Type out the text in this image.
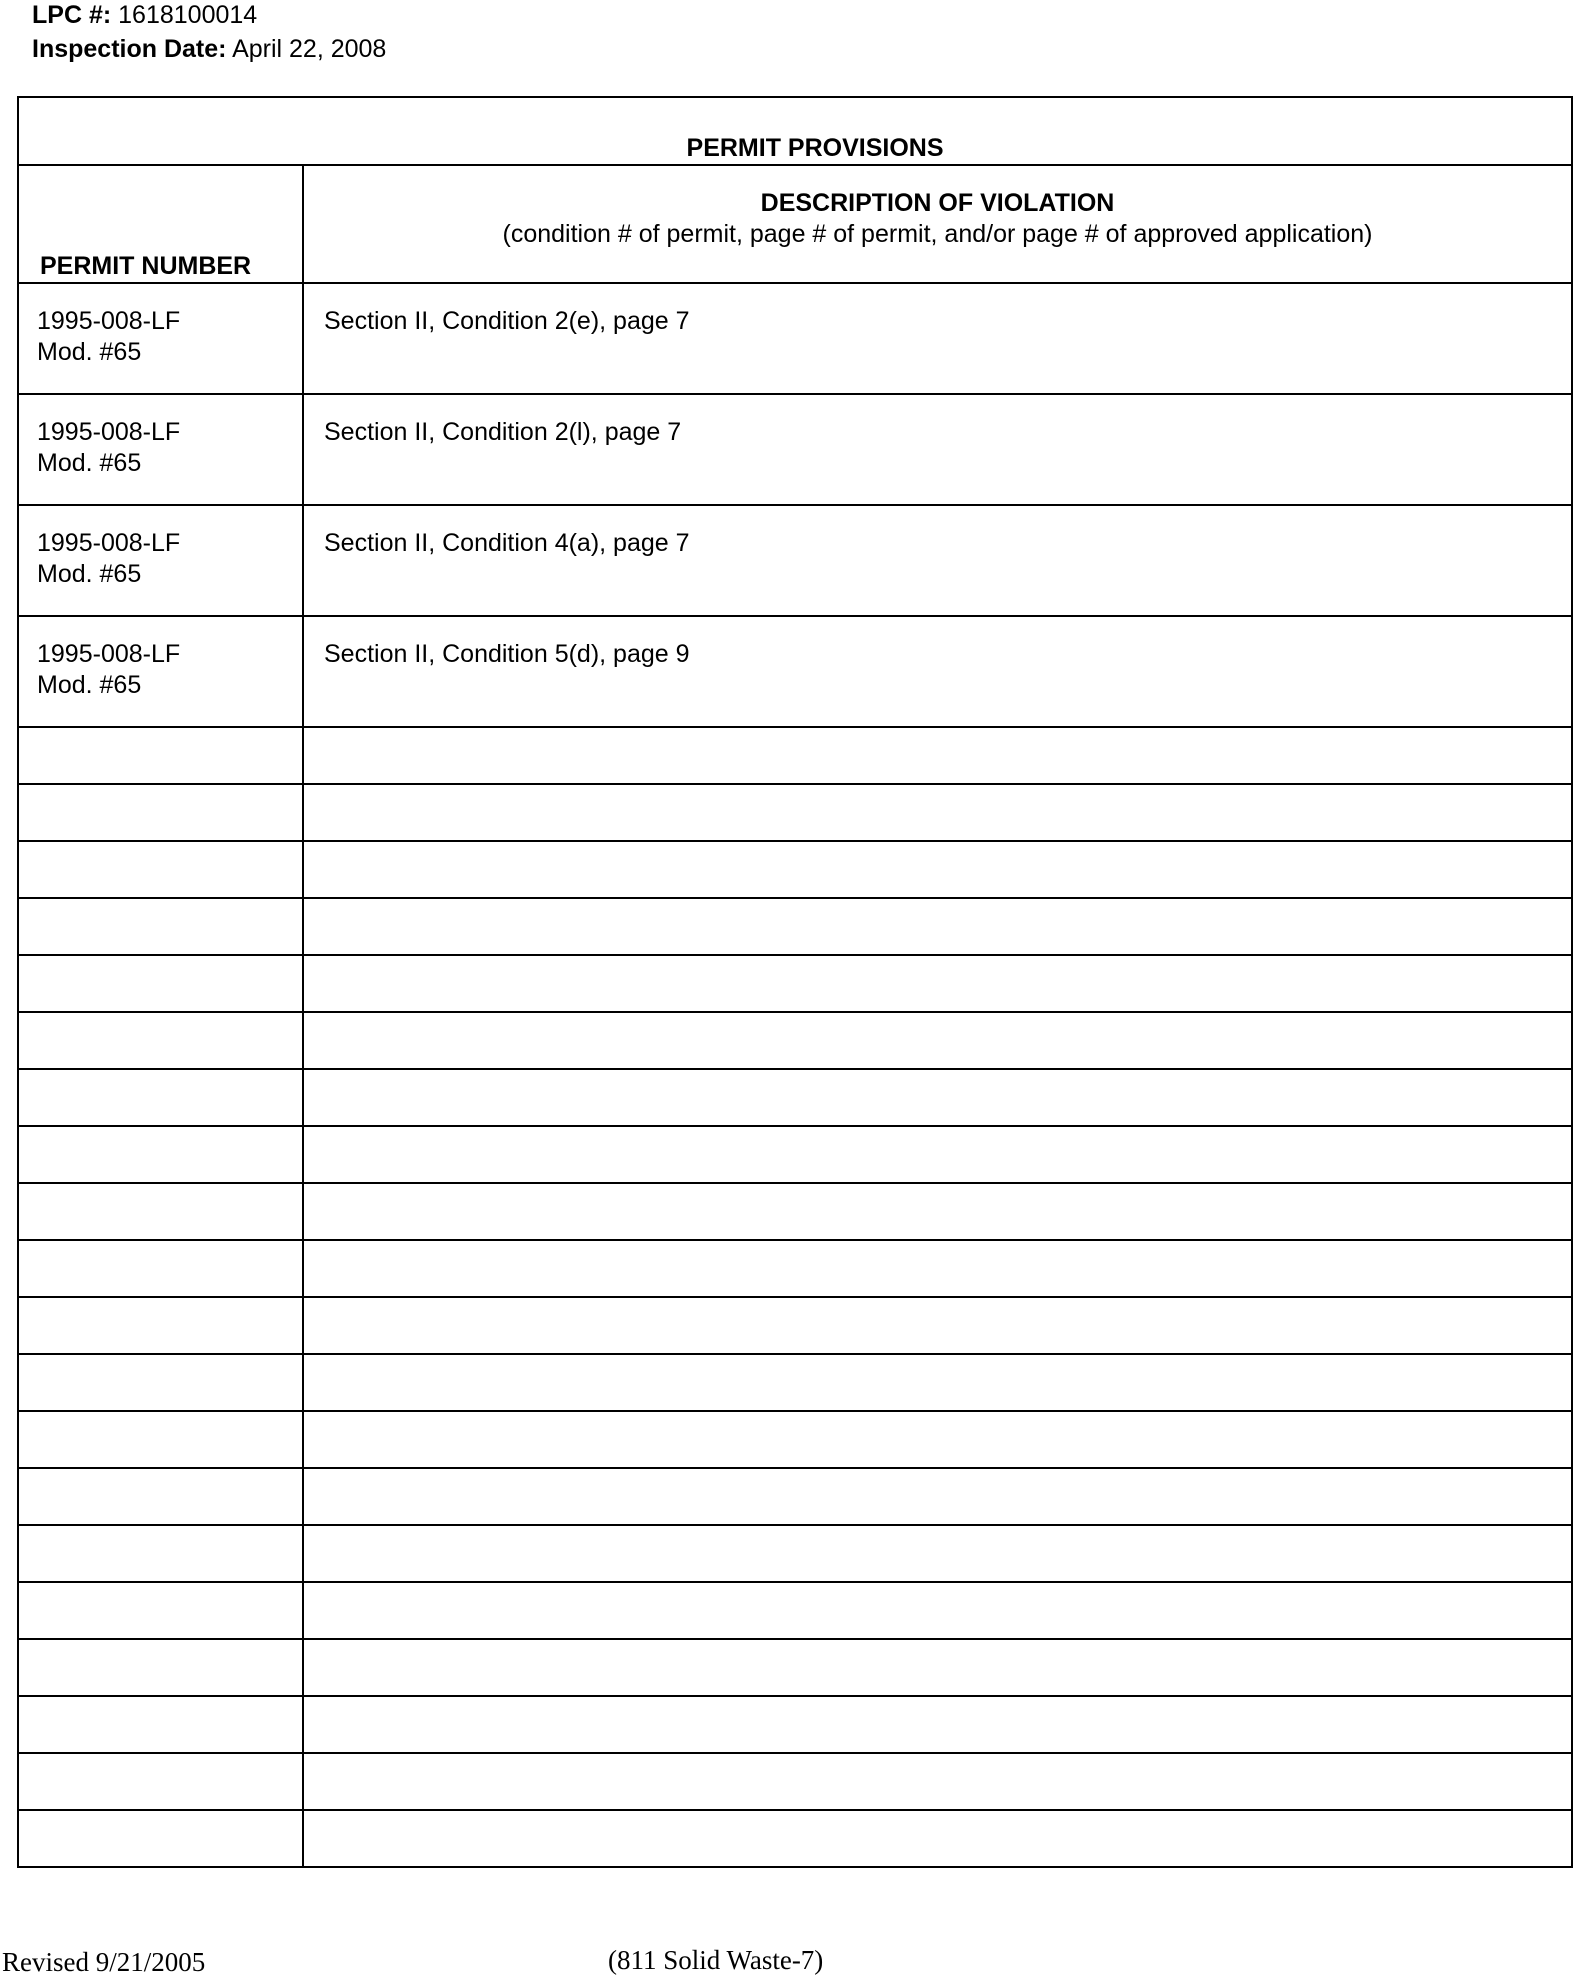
LPC #: 1618100014
Inspection Date: April 22, 2008
PERMIT PROVISIONS	

PERMIT NUMBER	DESCRIPTION OF VIOLATION
(condition # of permit, page # of permit, and/or page # of approved application)

1995-008-LF
Mod. #65	Section II, Condition 2(e), page 7

1995-008-LF
Mod. #65	Section II, Condition 2(l), page 7

1995-008-LF
Mod. #65	Section II, Condition 4(a), page 7

1995-008-LF
Mod. #65	Section II, Condition 5(d), page 9

Revised 9/21/2005	(811 Solid Waste-7)
